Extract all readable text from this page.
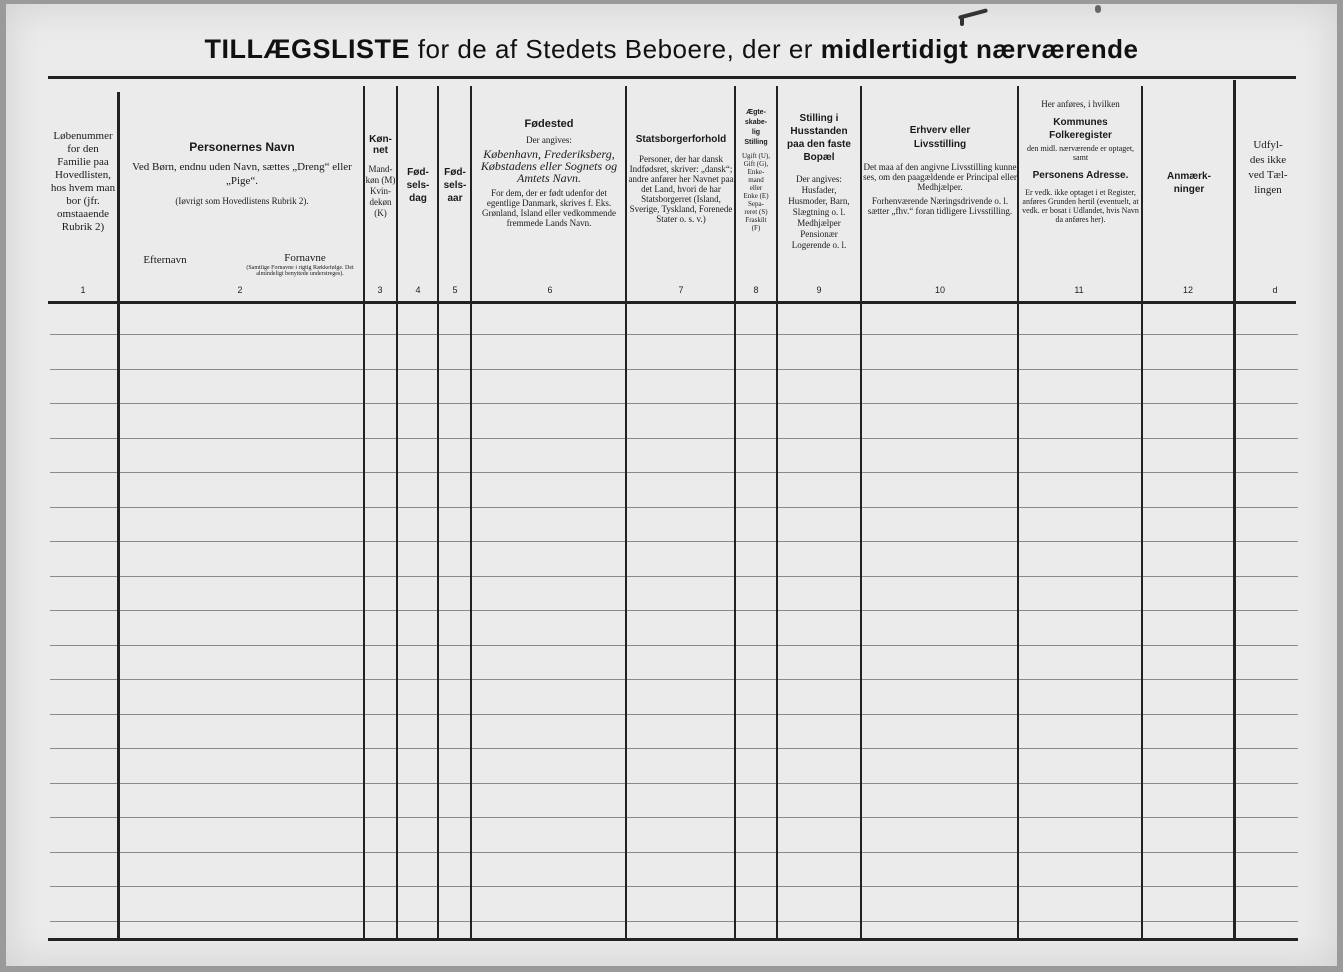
TILLÆGSLISTE for de af Stedets Beboere, der er midlertidigt nærværende
Løbenummer for den Familie paa Hovedlisten, hos hvem man bor (jfr. omstaaende Rubrik 2)
1
Personernes Navn
Ved Børn, endnu uden Navn, sættes „Dreng“ eller „Pige“.
(Iøvrigt som Hovedlistens Rubrik 2).
Efternavn	Fornavne
(Samtlige Fornavne i rigtig Rækkefølge. Det almindeligt benyttede understreges).
2
Køn-net
Mand-køn (M) Kvin-dekøn (K)
3
Fød-sels-dag
4
Fød-sels-aar
5
Fødested
Der angives:
København, Frederiksberg, Købstadens eller Sognets og Amtets Navn.
For dem, der er født udenfor det egentlige Danmark, skrives f. Eks. Grønland, Island eller vedkommende fremmede Lands Navn.
6
Statsborgerforhold
Personer, der har dansk Indfødsret, skriver: „dansk“; andre anfører her Navnet paa det Land, hvori de har Statsborgerret (Island, Sverige, Tyskland, Forenede Stater o. s. v.)
7
Ægte-skabe-lig Stilling
Ugift (U), Gift (G), Enke-mand eller Enke (E) Sepa-reret (S) Fraskilt (F)
8
Stilling i Husstanden paa den faste Bopæl
Der angives: Husfader, Husmoder, Barn, Slægtning o. l. Medhjælper Pensionær Logerende o. l.
9
Erhverv eller Livsstilling
Det maa af den angivne Livsstilling kunne ses, om den paagældende er Principal eller Medhjælper.
Forhenværende Næringsdrivende o. l. sætter „fhv.“ foran tidligere Livsstilling.
10
Her anføres, i hvilken
Kommunes Folkeregister
den midl. nærværende er optaget, samt
Personens Adresse.
Er vedk. ikke optaget i et Register, anføres Grunden hertil (eventuelt, at vedk. er bosat i Udlandet, hvis Navn da anføres her).
11
Anmærk-ninger
12
Udfyl-des ikke ved Tæl-lingen
d
